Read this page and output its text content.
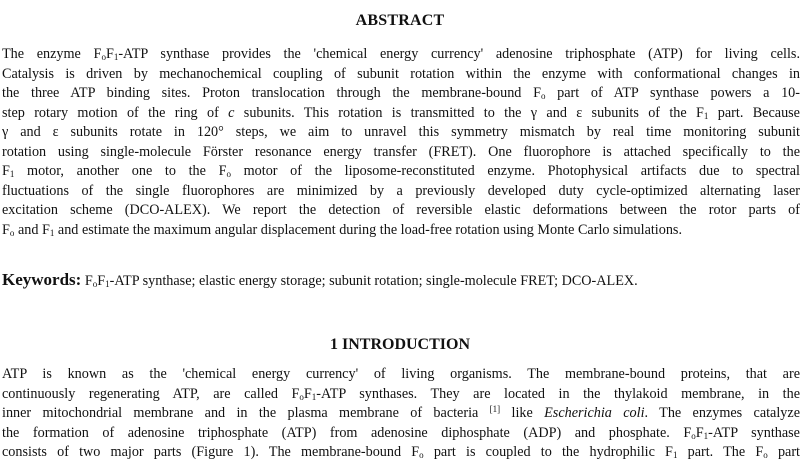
ABSTRACT
The enzyme $F_oF_1$-ATP synthase provides the 'chemical energy currency' adenosine triphosphate (ATP) for living cells.
Catalysis is driven by mechanochemical coupling of subunit rotation within the enzyme with conformational changes in
the three ATP binding sites. Proton translocation through the membrane-bound $F_o$ part of ATP synthase powers a 10-
step rotary motion of the ring of c subunits. This rotation is transmitted to the γ and ε subunits of the $F_1$ part. Because
γ and ε subunits rotate in 120° steps, we aim to unravel this symmetry mismatch by real time monitoring subunit
rotation using single-molecule Förster resonance energy transfer (FRET). One fluorophore is attached specifically to the
$F_1$ motor, another one to the $F_o$ motor of the liposome-reconstituted enzyme. Photophysical artifacts due to spectral
fluctuations of the single fluorophores are minimized by a previously developed duty cycle-optimized alternating laser
excitation scheme (DCO-ALEX). We report the detection of reversible elastic deformations between the rotor parts of
$F_o$ and $F_1$ and estimate the maximum angular displacement during the load-free rotation using Monte Carlo simulations.
Keywords: $F_oF_1$-ATP synthase; elastic energy storage; subunit rotation; single-molecule FRET; DCO-ALEX.
1 INTRODUCTION
ATP is known as the 'chemical energy currency' of living organisms. The membrane-bound proteins, that are
continuously regenerating ATP, are called $F_oF_1$-ATP synthases. They are located in the thylakoid membrane, in the
inner mitochondrial membrane and in the plasma membrane of bacteria [1] like Escherichia coli. The enzymes catalyze
the formation of adenosine triphosphate (ATP) from adenosine diphosphate (ADP) and phosphate. $F_oF_1$-ATP synthase
consists of two major parts (Figure 1). The membrane-bound $F_o$ part is coupled to the hydrophilic $F_1$ part. The $F_o$ part
